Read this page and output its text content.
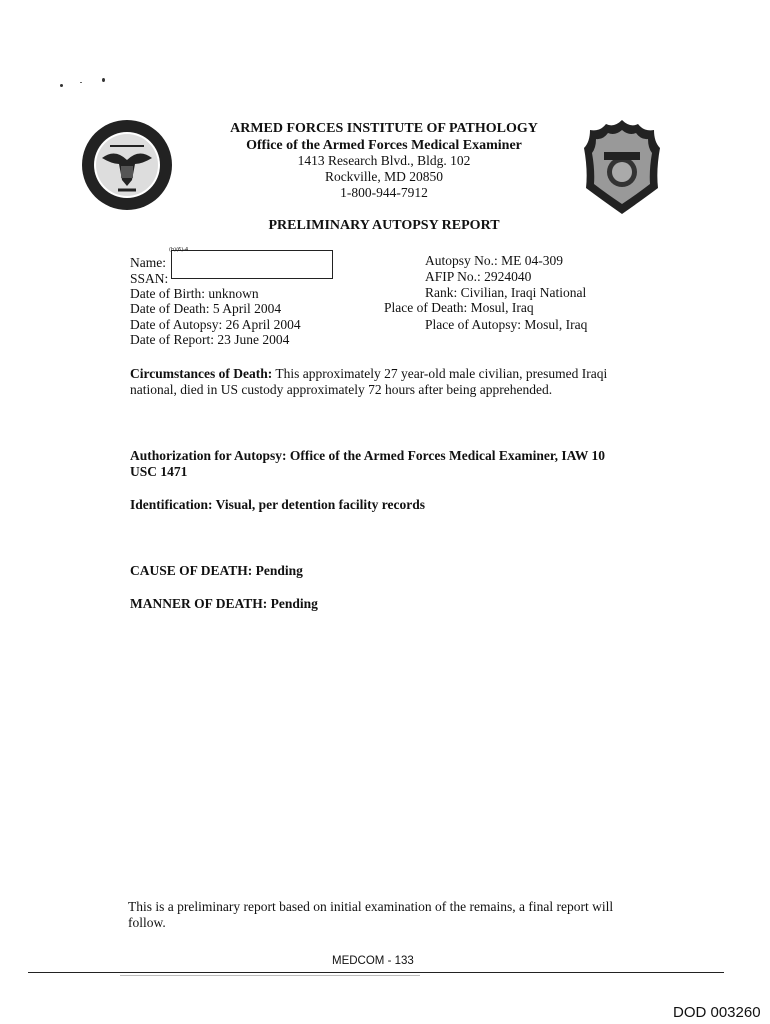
ARMED FORCES INSTITUTE OF PATHOLOGY
Office of the Armed Forces Medical Examiner
1413 Research Blvd., Bldg. 102
Rockville, MD 20850
1-800-944-7912
PRELIMINARY AUTOPSY REPORT
Name:
SSAN:
Date of Birth: unknown
Date of Death: 5 April 2004
Date of Autopsy: 26 April 2004
Date of Report: 23 June 2004
(b)(6)-4
Autopsy No.: ME 04-309
AFIP No.: 2924040
Rank: Civilian, Iraqi National
Place of Death: Mosul, Iraq
Place of Autopsy: Mosul, Iraq
Circumstances of Death: This approximately 27 year-old male civilian, presumed Iraqi national, died in US custody approximately 72 hours after being apprehended.
Authorization for Autopsy: Office of the Armed Forces Medical Examiner, IAW 10 USC 1471
Identification: Visual, per detention facility records
CAUSE OF DEATH: Pending
MANNER OF DEATH: Pending
This is a preliminary report based on initial examination of the remains, a final report will follow.
MEDCOM - 133
DOD 003260
